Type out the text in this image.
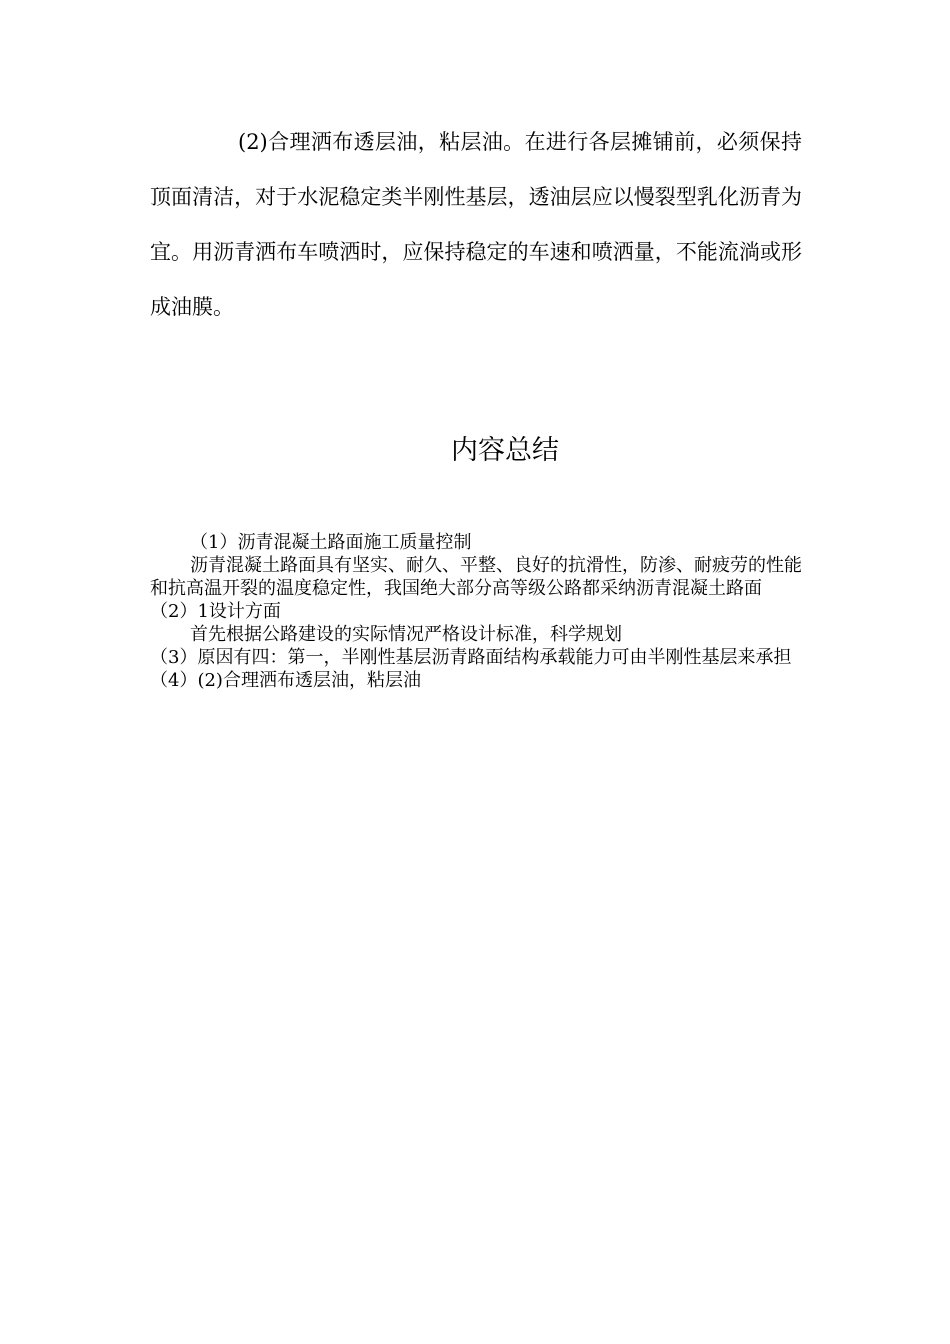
(2)合理洒布透层油，粘层油。在进行各层摊铺前，必须保持顶面清洁，对于水泥稳定类半刚性基层，透油层应以慢裂型乳化沥青为宜。用沥青洒布车喷洒时，应保持稳定的车速和喷洒量，不能流淌或形成油膜。

内容总结

（1）沥青混凝土路面施工质量控制

沥青混凝土路面具有坚实、耐久、平整、良好的抗滑性，防渗、耐疲劳的性能和抗高温开裂的温度稳定性，我国绝大部分高等级公路都采纳沥青混凝土路面

（2）1设计方面

首先根据公路建设的实际情况严格设计标准，科学规划

（3）原因有四：第一，半刚性基层沥青路面结构承载能力可由半刚性基层来承担

（4）(2)合理洒布透层油，粘层油
